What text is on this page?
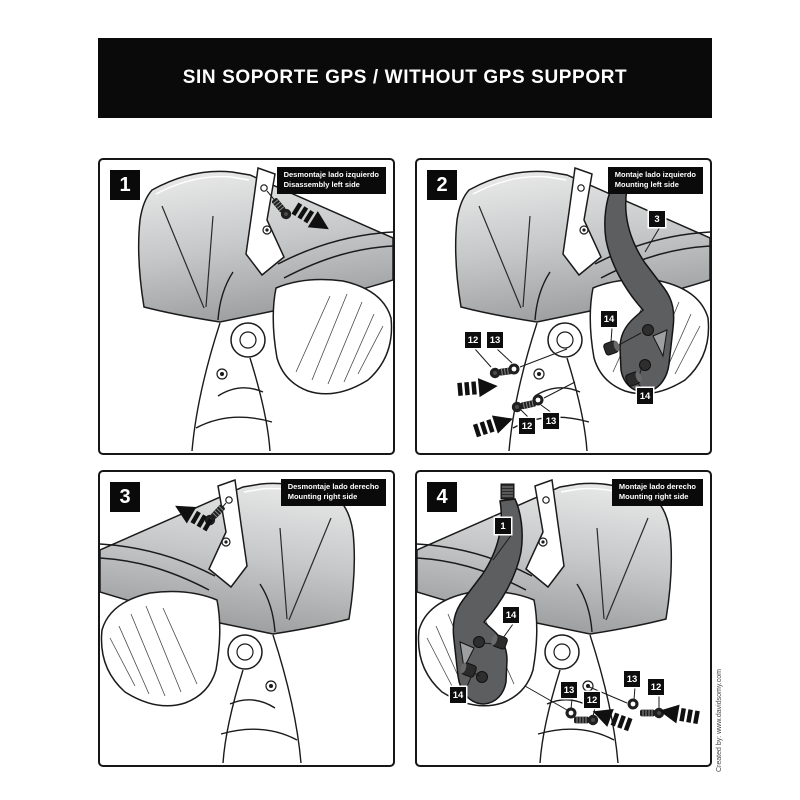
SIN SOPORTE GPS / WITHOUT GPS SUPPORT
1	Desmontaje lado izquierdo
Disassembly left side	2	Montaje lado izquierdo
Mounting left side
3
12 13
12 13
14
14
3	Desmontaje lado derecho
Mounting right side	4	Montaje lado derecho
Mounting right side
1
14
14	13
12
13
12	Created by: www.davidsomy.com
